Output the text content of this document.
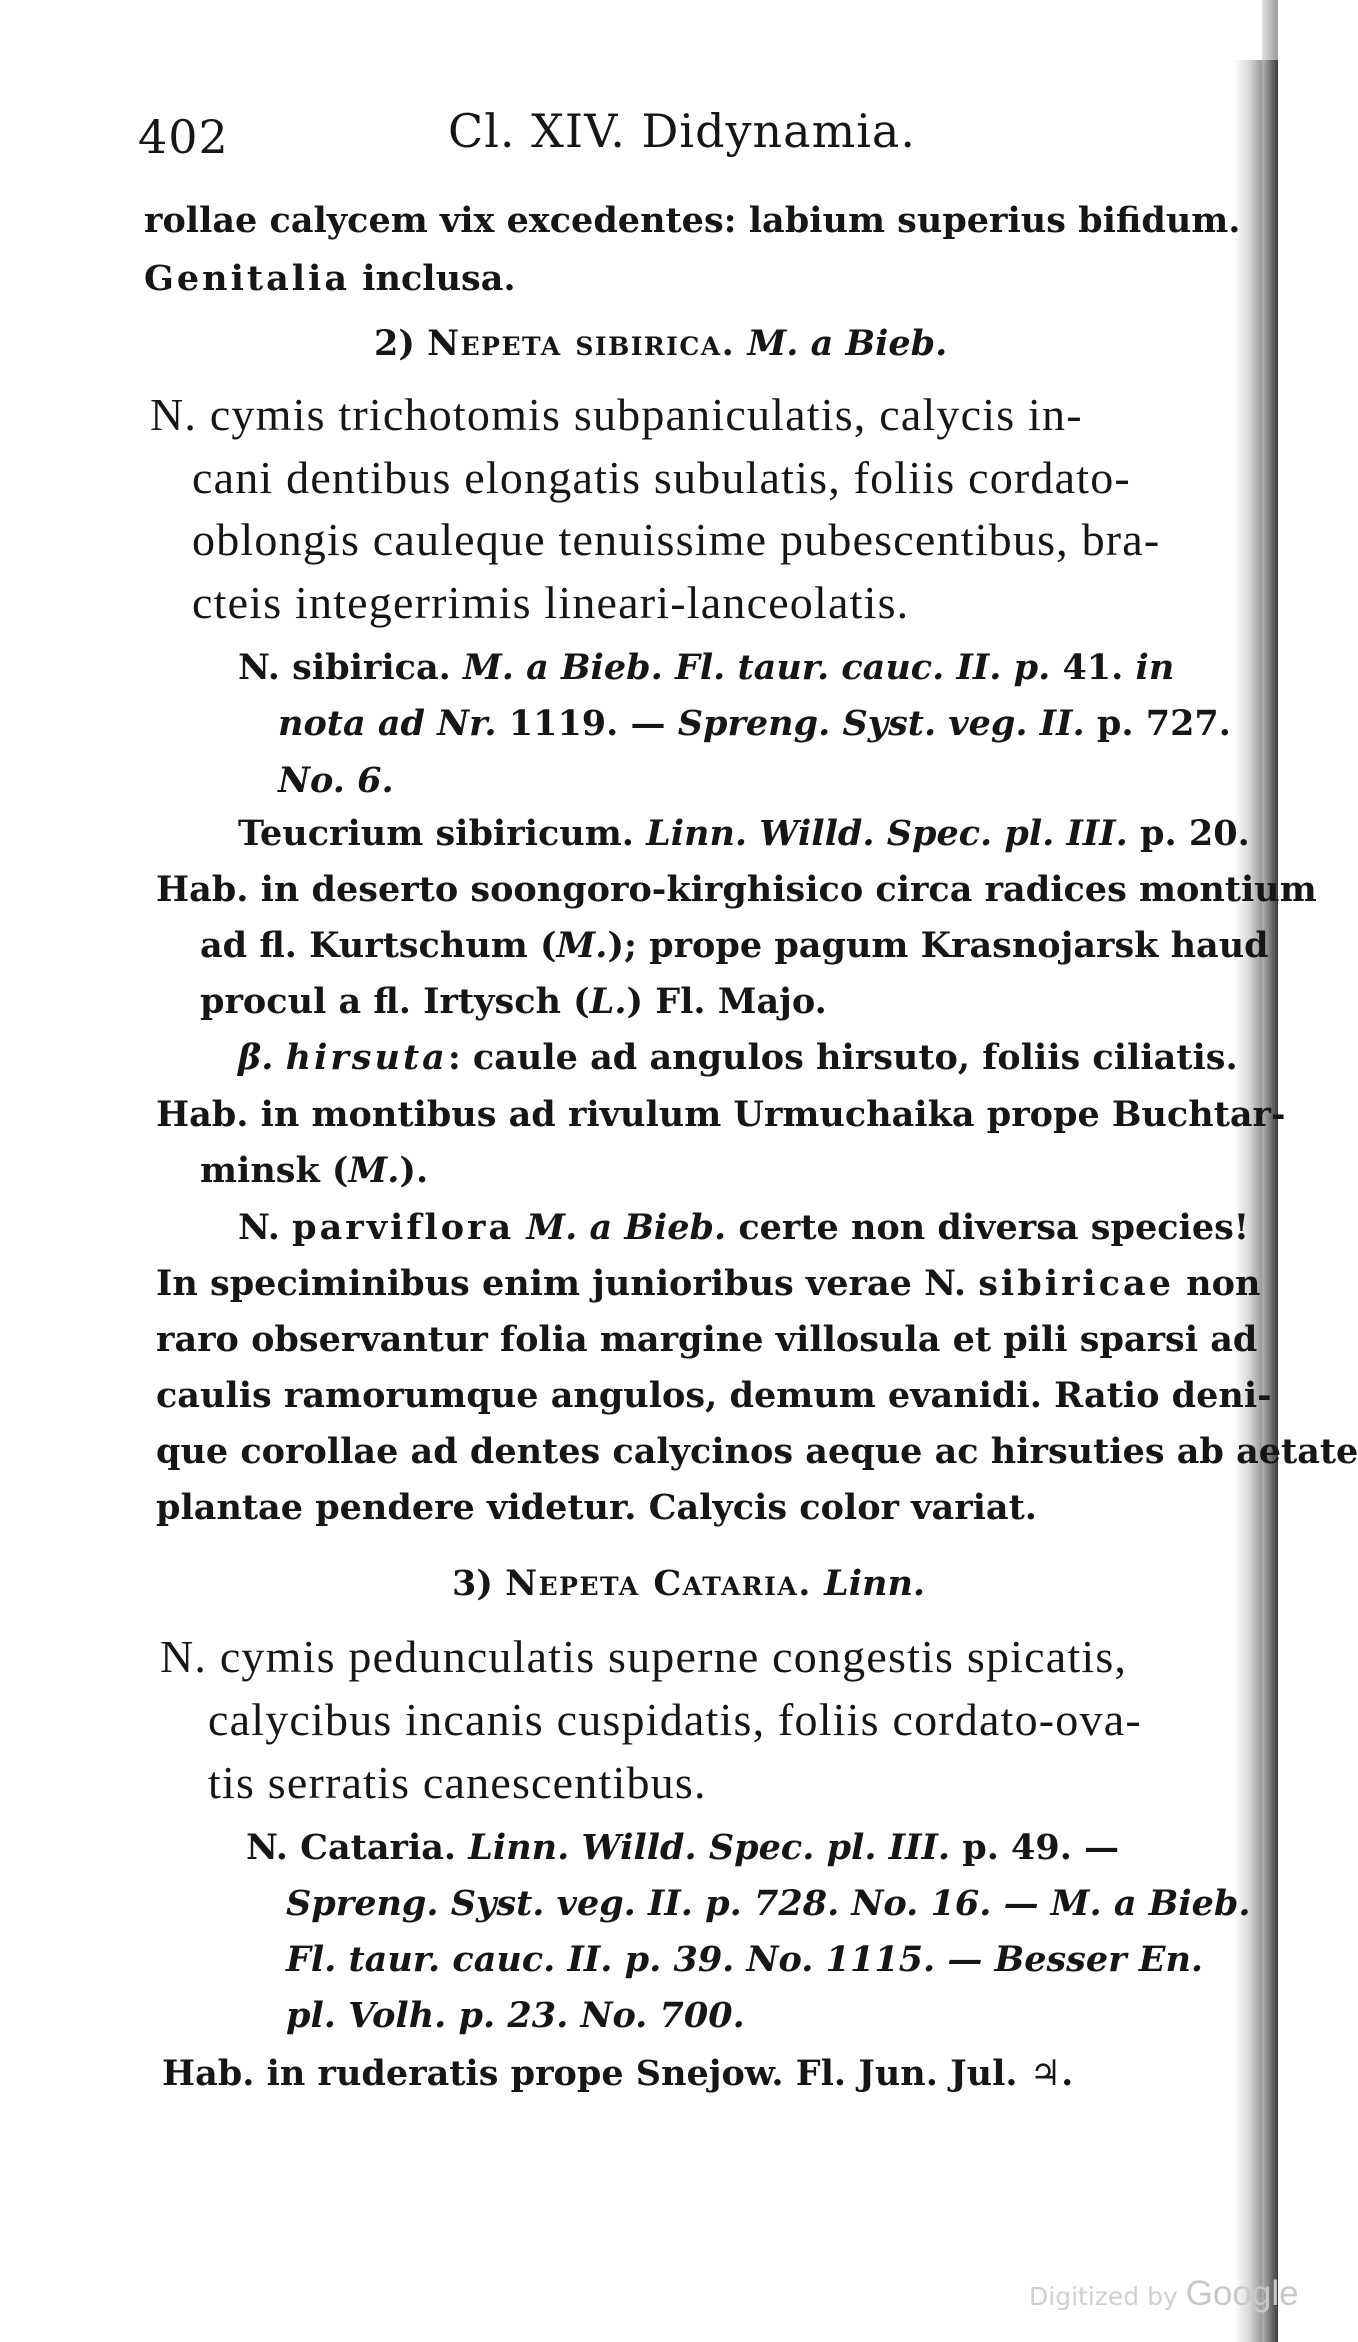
402	Cl. XIV. Didynamia.
rollae calycem vix excedentes: labium superius bifidum.
Genitalia inclusa.
2) Nepeta sibirica. M. a Bieb.
N. cymis trichotomis subpaniculatis, calycis in-
cani dentibus elongatis subulatis, foliis cordato-
oblongis cauleque tenuissime pubescentibus, bra-
cteis integerrimis lineari-lanceolatis.
N. sibirica. M. a Bieb. Fl. taur. cauc. II. p. 41. in
nota ad Nr. 1119. — Spreng. Syst. veg. II. p. 727.
No. 6.
Teucrium sibiricum. Linn. Willd. Spec. pl. III. p. 20.
Hab. in deserto soongoro-kirghisico circa radices montium
ad fl. Kurtschum (M.); prope pagum Krasnojarsk haud
procul a fl. Irtysch (L.) Fl. Majo.
β. hirsuta: caule ad angulos hirsuto, foliis ciliatis.
Hab. in montibus ad rivulum Urmuchaika prope Buchtar-
minsk (M.).
N. parviflora M. a Bieb. certe non diversa species!
In speciminibus enim junioribus verae N. sibiricae non
raro observantur folia margine villosula et pili sparsi ad
caulis ramorumque angulos, demum evanidi. Ratio deni-
que corollae ad dentes calycinos aeque ac hirsuties ab aetate
plantae pendere videtur. Calycis color variat.
3) Nepeta Cataria. Linn.
N. cymis pedunculatis superne congestis spicatis,
calycibus incanis cuspidatis, foliis cordato-ova-
tis serratis canescentibus.
N. Cataria. Linn. Willd. Spec. pl. III. p. 49. —
Spreng. Syst. veg. II. p. 728. No. 16. — M. a Bieb.
Fl. taur. cauc. II. p. 39. No. 1115. — Besser En.
pl. Volh. p. 23. No. 700.
Hab. in ruderatis prope Snejow. Fl. Jun. Jul. ♃.
Digitized by Google
